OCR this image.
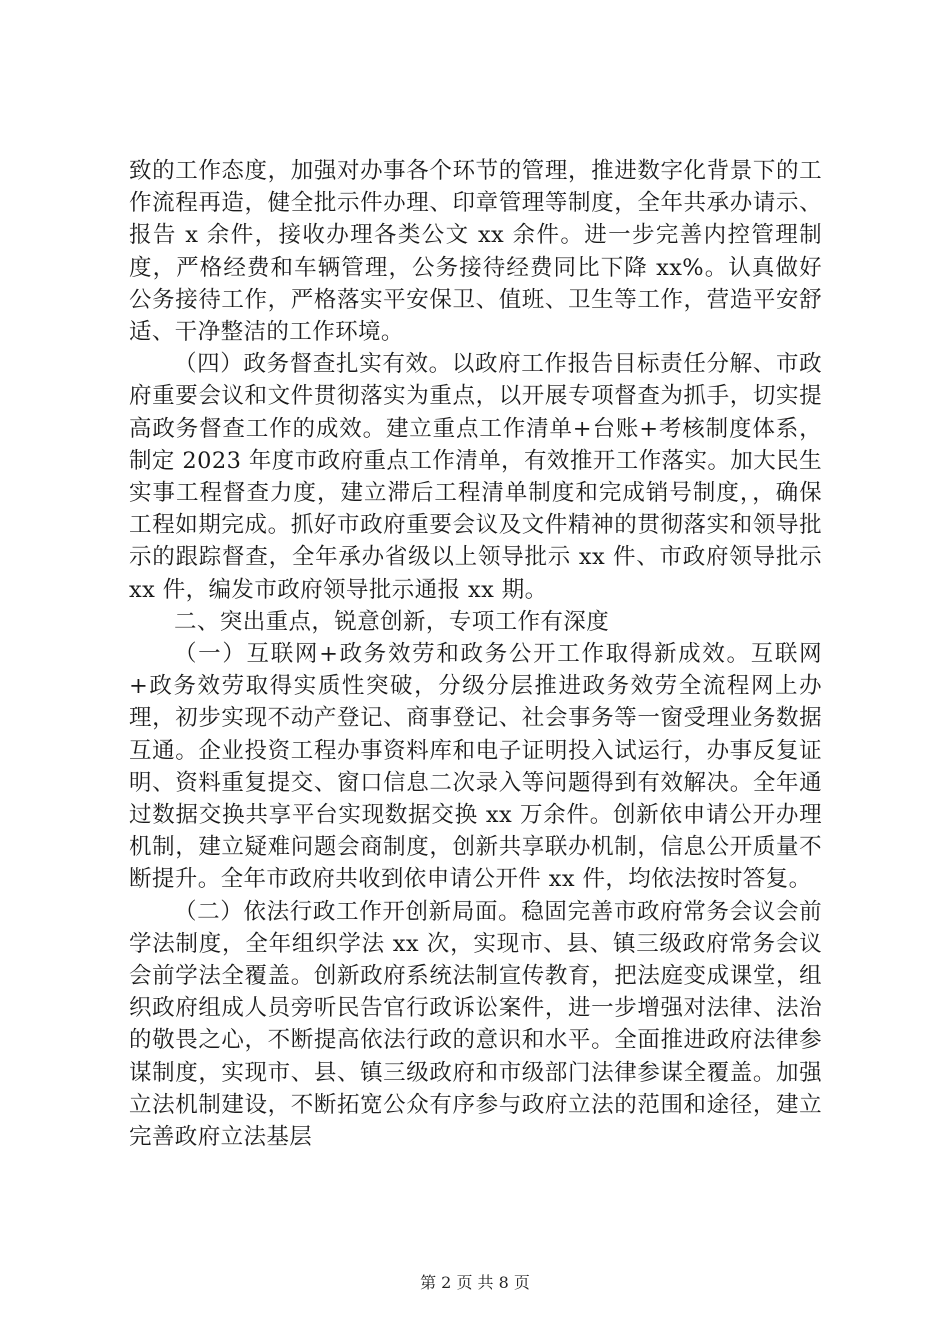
致的工作态度，加强对办事各个环节的管理，推进数字化背景下的工作流程再造，健全批示件办理、印章管理等制度，全年共承办请示、报告 x 余件，接收办理各类公文 xx 余件。进一步完善内控管理制度，严格经费和车辆管理，公务接待经费同比下降 xx%。认真做好公务接待工作，严格落实平安保卫、值班、卫生等工作，营造平安舒适、干净整洁的工作环境。

（四）政务督查扎实有效。以政府工作报告目标责任分解、市政府重要会议和文件贯彻落实为重点，以开展专项督查为抓手，切实提高政务督查工作的成效。建立重点工作清单+台账+考核制度体系，制定 2023 年度市政府重点工作清单，有效推开工作落实。加大民生实事工程督查力度，建立滞后工程清单制度和完成销号制度，，确保工程如期完成。抓好市政府重要会议及文件精神的贯彻落实和领导批示的跟踪督查，全年承办省级以上领导批示 xx 件、市政府领导批示 xx 件，编发市政府领导批示通报 xx 期。

二、突出重点，锐意创新，专项工作有深度

（一）互联网+政务效劳和政务公开工作取得新成效。互联网+政务效劳取得实质性突破，分级分层推进政务效劳全流程网上办理，初步实现不动产登记、商事登记、社会事务等一窗受理业务数据互通。企业投资工程办事资料库和电子证明投入试运行，办事反复证明、资料重复提交、窗口信息二次录入等问题得到有效解决。全年通过数据交换共享平台实现数据交换 xx 万余件。创新依申请公开办理机制，建立疑难问题会商制度，创新共享联办机制，信息公开质量不断提升。全年市政府共收到依申请公开件 xx 件，均依法按时答复。

（二）依法行政工作开创新局面。稳固完善市政府常务会议会前学法制度，全年组织学法 xx 次，实现市、县、镇三级政府常务会议会前学法全覆盖。创新政府系统法制宣传教育，把法庭变成课堂，组织政府组成人员旁听民告官行政诉讼案件，进一步增强对法律、法治的敬畏之心，不断提高依法行政的意识和水平。全面推进政府法律参谋制度，实现市、县、镇三级政府和市级部门法律参谋全覆盖。加强立法机制建设，不断拓宽公众有序参与政府立法的范围和途径，建立完善政府立法基层

第 2 页 共 8 页
